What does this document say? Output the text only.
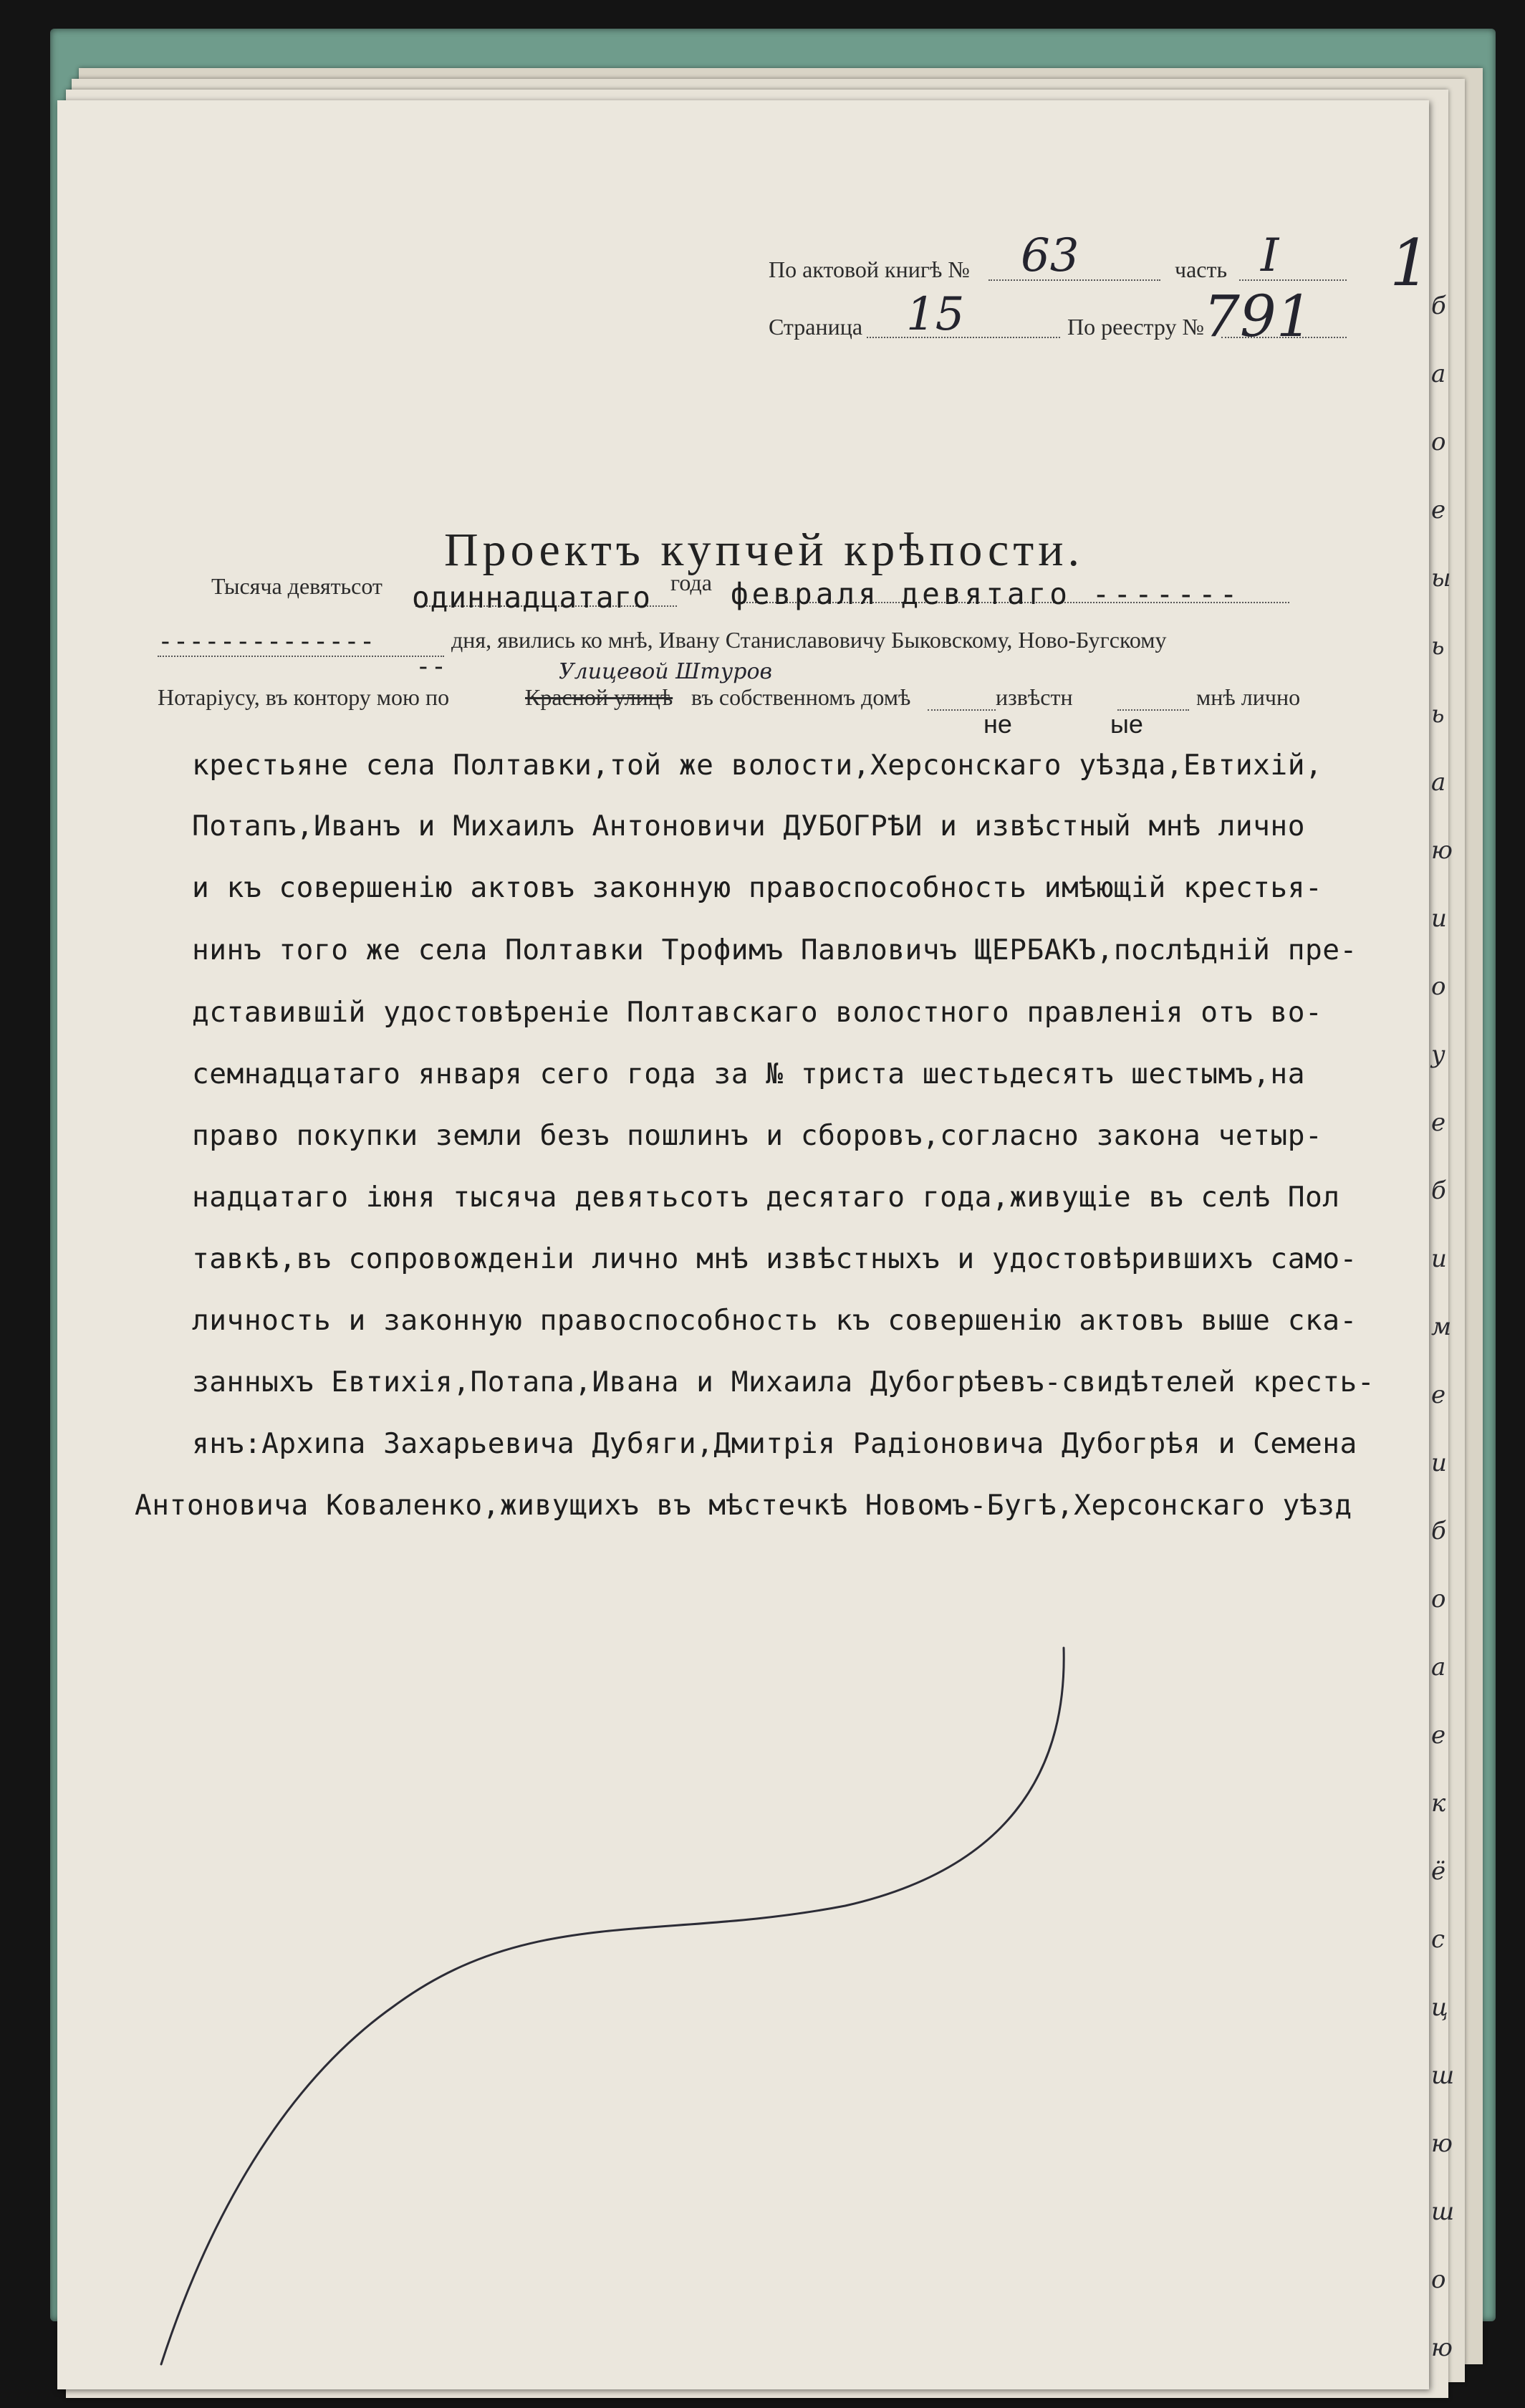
б
а
о
е
ы
ь
ь
а
ю
и
о
у
е
б
и
м
е
и
б
о
а
е
к
ё
с
ц
ш
ю
ш
о
ю
1
По актовой книгѣ № 63	часть I
Страница 15	По реестру № 791
Проектъ купчей крѣпости.
Тысяча девятьсот одиннадцатаго года февраля девятаго -------
--------------	дня, явились ко мнѣ, Ивану Станиславовичу Быковскому, Ново-Бугскому
--	Улицевой Штуров
Нотаріусу, въ контору мою по	Красной улицѣ въ собственномъ домѣ	извѣстн	мнѣ лично
не	ые
крестьяне села Полтавки,той же волости,Херсонскаго уѣзда,Евтихій,
Потапъ,Иванъ и Михаилъ Антоновичи ДУБОГРѢИ и извѣстный мнѣ лично
и къ совершенію актовъ законную правоспособность имѣющій крестья-
нинъ того же села Полтавки Трофимъ Павловичъ ЩЕРБАКЪ,послѣдній пре-
дставившій удостовѣреніе Полтавскаго волостного правленія отъ во-
семнадцатаго января сего года за № триста шестьдесятъ шестымъ,на
право покупки земли безъ пошлинъ и сборовъ,согласно закона четыр-
надцатаго іюня тысяча девятьсотъ десятаго года,живущіе въ селѣ Пол
тавкѣ,въ сопровожденіи лично мнѣ извѣстныхъ и удостовѣрившихъ само-
личность и законную правоспособность къ совершенію актовъ выше ска-
занныхъ Евтихія,Потапа,Ивана и Михаила Дубогрѣевъ-свидѣтелей кресть-
янъ:Архипа Захарьевича Дубяги,Дмитрія Радіоновича Дубогрѣя и Семена
Антоновича Коваленко,живущихъ въ мѣстечкѣ Новомъ-Бугѣ,Херсонскаго уѣзд
